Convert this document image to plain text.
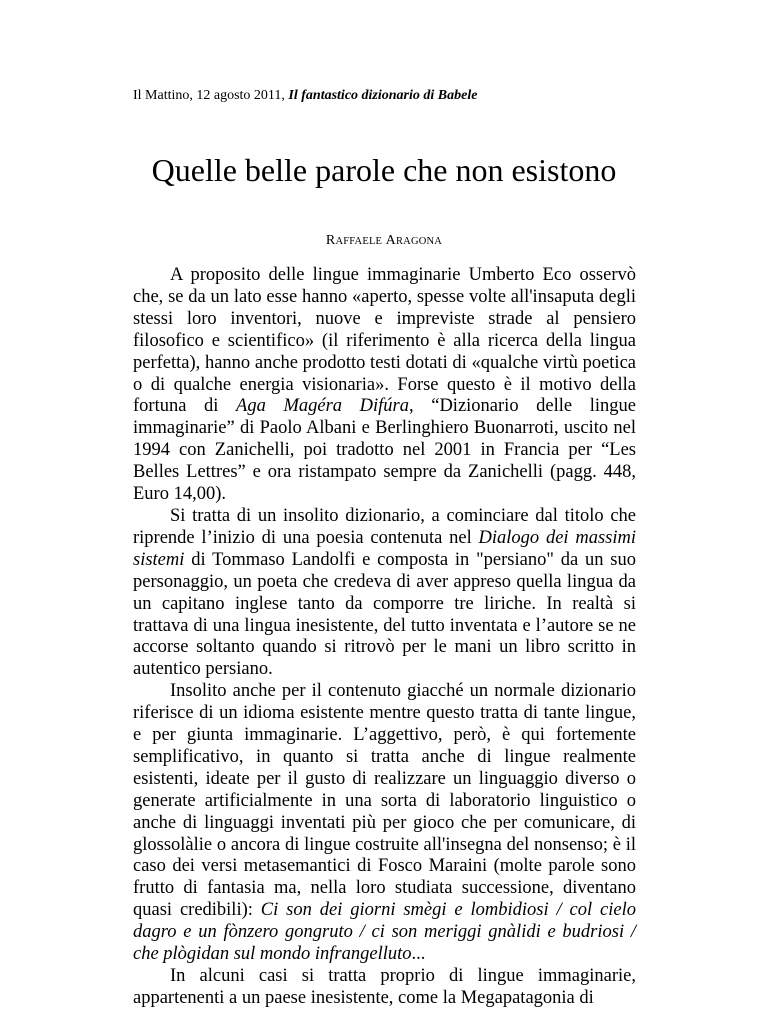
Il Mattino, 12 agosto 2011, Il fantastico dizionario di Babele
Quelle belle parole che non esistono
RAFFAELE ARAGONA

A proposito delle lingue immaginarie Umberto Eco osservò che, se da un lato esse hanno «aperto, spesse volte all'insaputa degli stessi loro inventori, nuove e impreviste strade al pensiero filosofico e scientifico» (il riferimento è alla ricerca della lingua perfetta), hanno anche prodotto testi dotati di «qualche virtù poetica o di qualche energia visionaria». Forse questo è il motivo della fortuna di Aga Magéra Difúra, “Dizionario delle lingue immaginarie” di Paolo Albani e Berlinghiero Buonarroti, uscito nel 1994 con Zanichelli, poi tradotto nel 2001 in Francia per “Les Belles Lettres” e ora ristampato sempre da Zanichelli (pagg. 448, Euro 14,00).

Si tratta di un insolito dizionario, a cominciare dal titolo che riprende l’inizio di una poesia contenuta nel Dialogo dei massimi sistemi di Tommaso Landolfi e composta in "persiano" da un suo personaggio, un poeta che credeva di aver appreso quella lingua da un capitano inglese tanto da comporre tre liriche. In realtà si trattava di una lingua inesistente, del tutto inventata e l’autore se ne accorse soltanto quando si ritrovò per le mani un libro scritto in autentico persiano.

Insolito anche per il contenuto giacché un normale dizionario riferisce di un idioma esistente mentre questo tratta di tante lingue, e per giunta immaginarie. L’aggettivo, però, è qui fortemente semplificativo, in quanto si tratta anche di lingue realmente esistenti, ideate per il gusto di realizzare un linguaggio diverso o generate artificialmente in una sorta di laboratorio linguistico o anche di linguaggi inventati più per gioco che per comunicare, di glossolàlie o ancora di lingue costruite all'insegna del nonsenso; è il caso dei versi metasemantici di Fosco Maraini (molte parole sono frutto di fantasia ma, nella loro studiata successione, diventano quasi credibili): Ci son dei giorni smègi e lombidiosi / col cielo dagro e un fònzero gongruto / ci son meriggi gnàlidi e budriosi / che plògidan sul mondo infrangelluto...

In alcuni casi si tratta proprio di lingue immaginarie, appartenenti a un paese inesistente, come la Megapatagonia di
